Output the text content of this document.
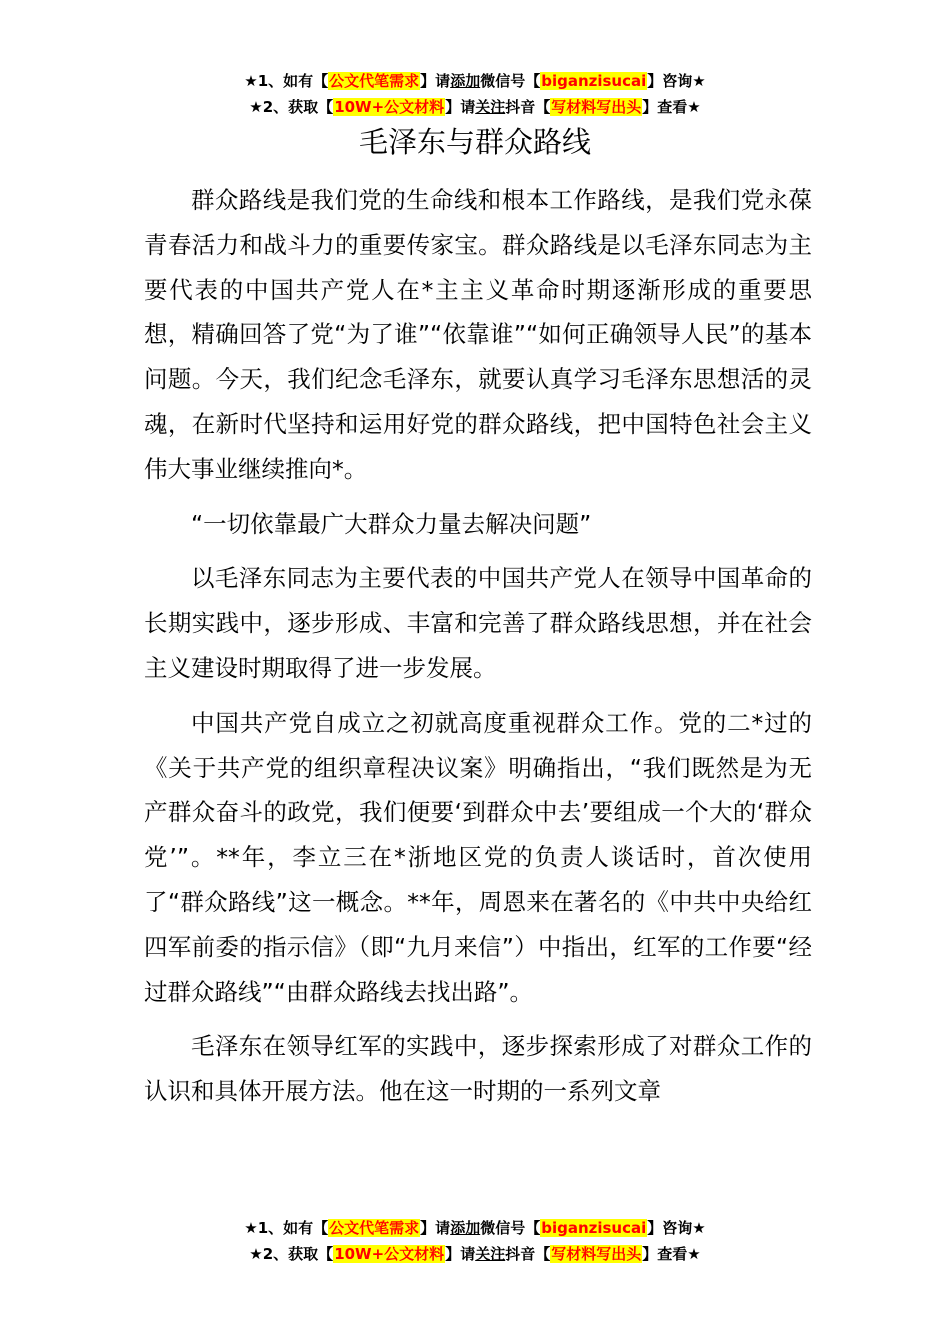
★1、如有【公文代笔需求】请添加微信号【biganzisucai】咨询★
★2、获取【10W+公文材料】请关注抖音【写材料写出头】查看★
毛泽东与群众路线

群众路线是我们党的生命线和根本工作路线，是我们党永葆青春活力和战斗力的重要传家宝。群众路线是以毛泽东同志为主要代表的中国共产党人在*主主义革命时期逐渐形成的重要思想，精确回答了党“为了谁”“依靠谁”“如何正确领导人民”的基本问题。今天，我们纪念毛泽东，就要认真学习毛泽东思想活的灵魂，在新时代坚持和运用好党的群众路线，把中国特色社会主义伟大事业继续推向*。

“一切依靠最广大群众力量去解决问题”

以毛泽东同志为主要代表的中国共产党人在领导中国革命的长期实践中，逐步形成、丰富和完善了群众路线思想，并在社会主义建设时期取得了进一步发展。

中国共产党自成立之初就高度重视群众工作。党的二*过的《关于共产党的组织章程决议案》明确指出，“我们既然是为无产群众奋斗的政党，我们便要‘到群众中去’要组成一个大的‘群众党’”。**年，李立三在*浙地区党的负责人谈话时，首次使用了“群众路线”这一概念。**年，周恩来在著名的《中共中央给红四军前委的指示信》（即“九月来信”）中指出，红军的工作要“经过群众路线”“由群众路线去找出路”。

毛泽东在领导红军的实践中，逐步探索形成了对群众工作的认识和具体开展方法。他在这一时期的一系列文章

★1、如有【公文代笔需求】请添加微信号【biganzisucai】咨询★
★2、获取【10W+公文材料】请关注抖音【写材料写出头】查看★
